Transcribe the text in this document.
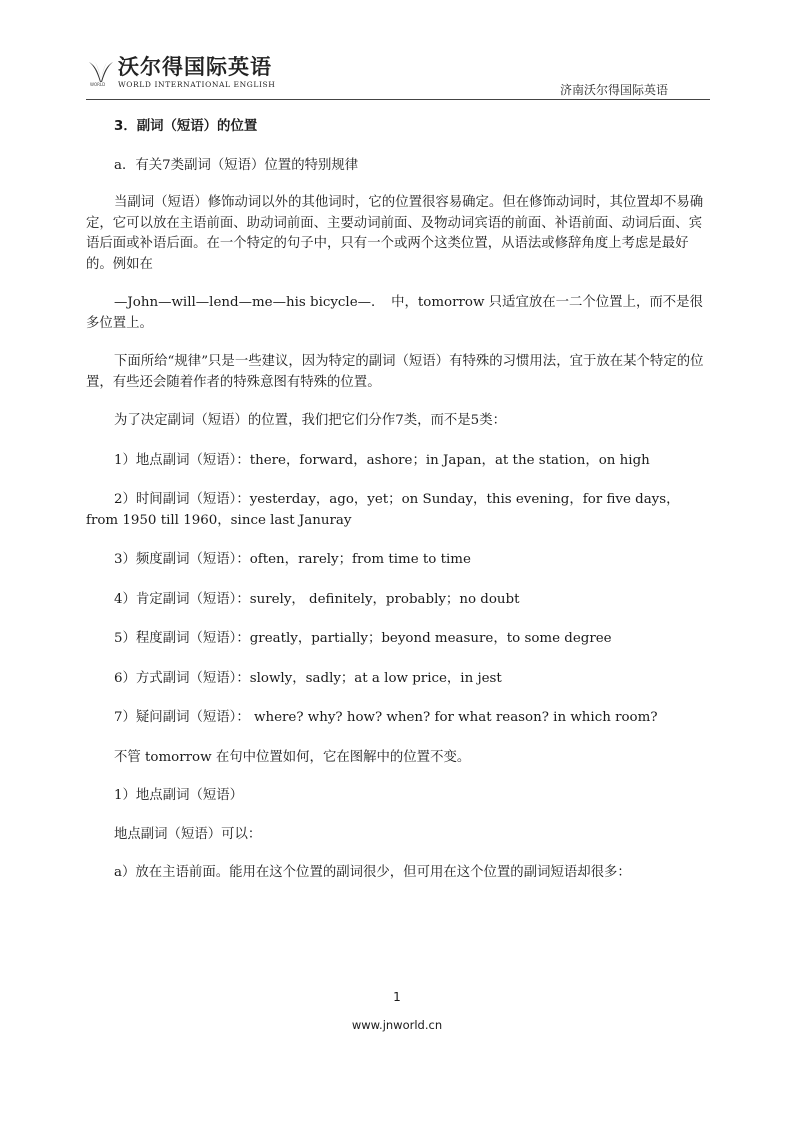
WORLD
沃尔得国际英语
WORLD INTERNATIONAL ENGLISH	济南沃尔得国际英语

3．副词（短语）的位置

a．有关7类副词（短语）位置的特别规律

当副词（短语）修饰动词以外的其他词时，它的位置很容易确定。但在修饰动词时，其位置却不易确定，它可以放在主语前面、助动词前面、主要动词前面、及物动词宾语的前面、补语前面、动词后面、宾语后面或补语后面。在一个特定的句子中，只有一个或两个这类位置，从语法或修辞角度上考虑是最好的。例如在

—John—will—lend—me—his bicycle—．　中，tomorrow 只适宜放在一二个位置上，而不是很多位置上。

下面所给“规律”只是一些建议，因为特定的副词（短语）有特殊的习惯用法，宜于放在某个特定的位置，有些还会随着作者的特殊意图有特殊的位置。

为了决定副词（短语）的位置，我们把它们分作7类，而不是5类：

1）地点副词（短语）：there，forward，ashore；in Japan，at the station，on high

2）时间副词（短语）：yesterday，ago，yet；on Sunday，this evening，for five days，from 1950 till 1960，since last Januray

3）频度副词（短语）：often，rarely；from time to time

4）肯定副词（短语）：surely， definitely，probably；no doubt

5）程度副词（短语）：greatly，partially；beyond measure，to some degree

6）方式副词（短语）：slowly，sadly；at a low price，in jest

7）疑问副词（短语）： where? why? how? when? for what reason? in which room?

不管 tomorrow 在句中位置如何，它在图解中的位置不变。

1）地点副词（短语）

地点副词（短语）可以：

a）放在主语前面。能用在这个位置的副词很少，但可用在这个位置的副词短语却很多：

1
www.jnworld.cn
